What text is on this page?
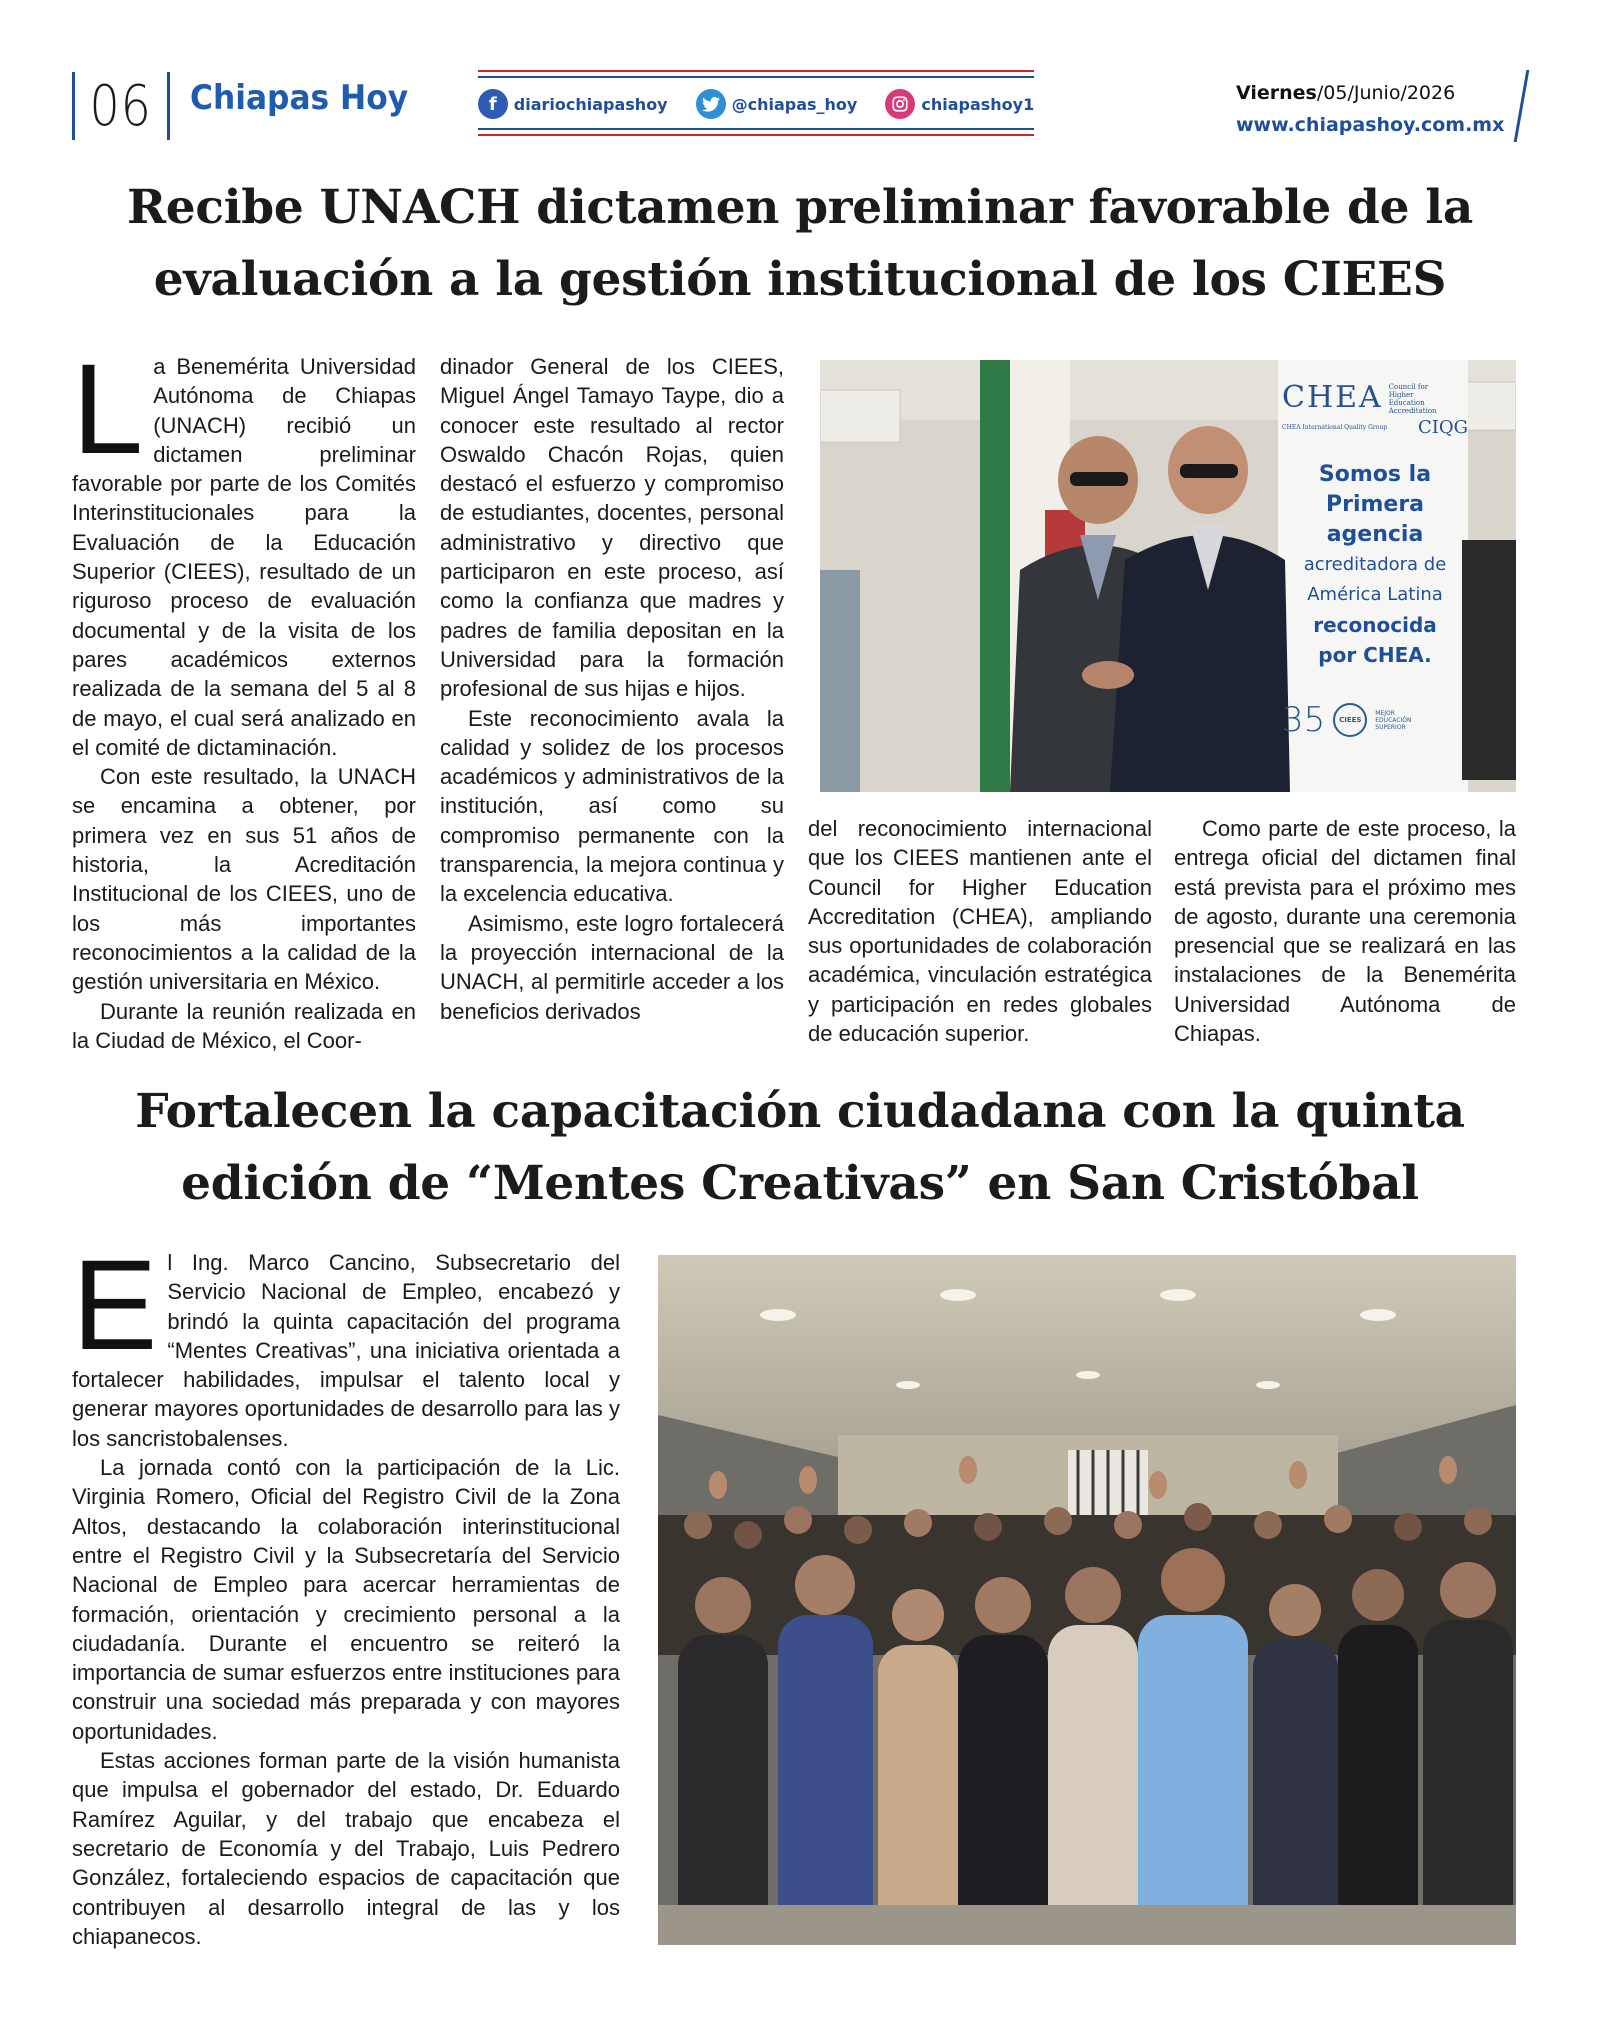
06 Chiapas Hoy	f	diariochiapashoy	@chiapas_hoy	chiapashoy1	Viernes/05/Junio/2026
www.chiapashoy.com.mx
Recibe UNACH dictamen preliminar favorable de la
evaluación a la gestión institucional de los CIEES

La Benemérita Universidad Autónoma de Chiapas (UNACH) recibió un dictamen preliminar favorable por parte de los Comités Interinstitucionales para la Evaluación de la Educación Superior (CIEES), resultado de un riguroso proceso de evaluación documental y de la visita de los pares académicos externos realizada de la semana del 5 al 8 de mayo, el cual será analizado en el comité de dictaminación.

Con este resultado, la UNACH se encamina a obtener, por primera vez en sus 51 años de historia, la Acreditación Institucional de los CIEES, uno de los más importantes reconocimientos a la calidad de la gestión universitaria en México.

Durante la reunión realizada en la Ciudad de México, el Coor-

dinador General de los CIEES, Miguel Ángel Tamayo Taype, dio a conocer este resultado al rector Oswaldo Chacón Rojas, quien destacó el esfuerzo y compromiso de estudiantes, docentes, personal administrativo y directivo que participaron en este proceso, así como la confianza que madres y padres de familia depositan en la Universidad para la formación profesional de sus hijas e hijos.

Este reconocimiento avala la calidad y solidez de los procesos académicos y administrativos de la institución, así como su compromiso permanente con la transparencia, la mejora continua y la excelencia educativa.

Asimismo, este logro fortalecerá la proyección internacional de la UNACH, al permitirle acceder a los beneficios derivados

del reconocimiento internacional que los CIEES mantienen ante el Council for Higher Education Accreditation (CHEA), ampliando sus oportunidades de colaboración académica, vinculación estratégica y participación en redes globales de educación superior.

Como parte de este proceso, la entrega oficial del dictamen final está prevista para el próximo mes de agosto, durante una ceremonia presencial que se realizará en las instalaciones de la Benemérita Universidad Autónoma de Chiapas.

CHEA Council for Higher Education Accreditation
CHEA International Quality Group CIQG
Somos la
Primera
agencia
acreditadora de
América Latina
reconocida
por CHEA.
35 CIEES
MEJOR EDUCACIÓN SUPERIOR
Fortalecen la capacitación ciudadana con la quinta
edición de “Mentes Creativas” en San Cristóbal

El Ing. Marco Cancino, Subsecretario del Servicio Nacional de Empleo, encabezó y brindó la quinta capacitación del programa “Mentes Creativas”, una iniciativa orientada a fortalecer habilidades, impulsar el talento local y generar mayores oportunidades de desarrollo para las y los sancristobalenses.

La jornada contó con la participación de la Lic. Virginia Romero, Oficial del Registro Civil de la Zona Altos, destacando la colaboración interinstitucional entre el Registro Civil y la Subsecretaría del Servicio Nacional de Empleo para acercar herramientas de formación, orientación y crecimiento personal a la ciudadanía. Durante el encuentro se reiteró la importancia de sumar esfuerzos entre instituciones para construir una sociedad más preparada y con mayores oportunidades.

Estas acciones forman parte de la visión humanista que impulsa el gobernador del estado, Dr. Eduardo Ramírez Aguilar, y del trabajo que encabeza el secretario de Economía y del Trabajo, Luis Pedrero González, fortaleciendo espacios de capacitación que contribuyen al desarrollo integral de las y los chiapanecos.
